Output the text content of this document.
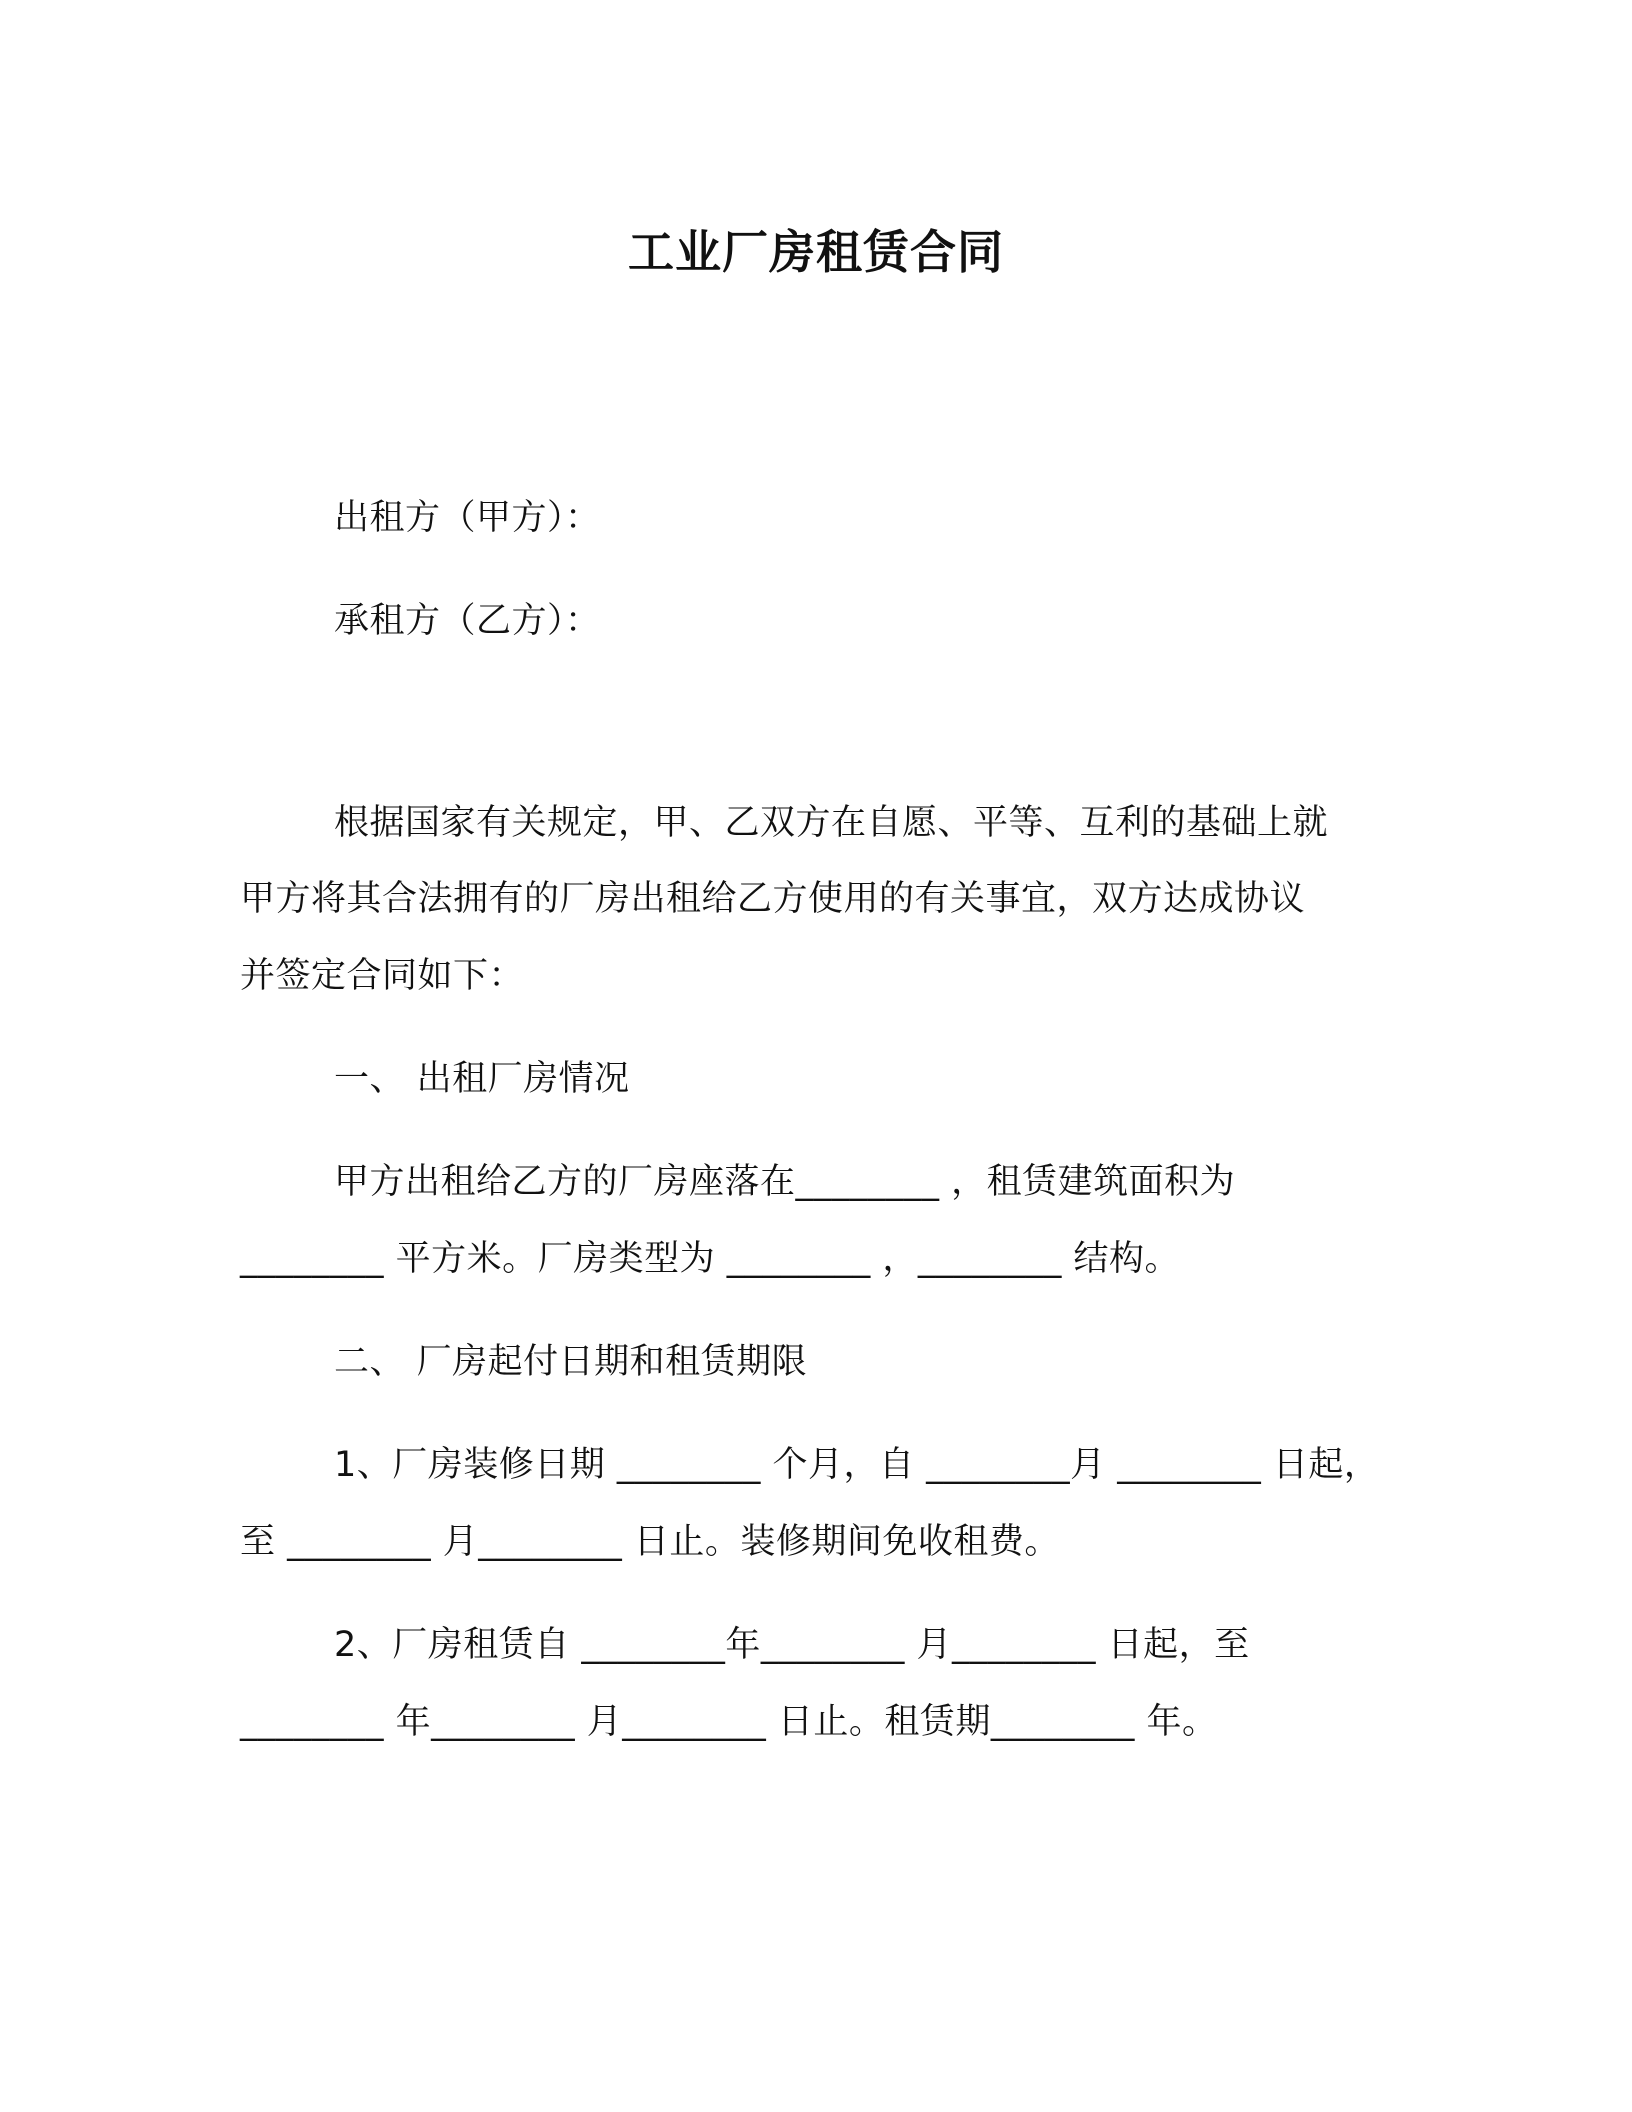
工业厂房租赁合同
出租方（甲方）：
承租方（乙方）：
根据国家有关规定，甲、乙双方在自愿、平等、互利的基础上就
甲方将其合法拥有的厂房出租给乙方使用的有关事宜，双方达成协议
并签定合同如下：
一、 出租厂房情况
甲方出租给乙方的厂房座落在________ ，租赁建筑面积为
________ 平方米。厂房类型为 ________ ，________ 结构。
二、 厂房起付日期和租赁期限
1、厂房装修日期 ________ 个月，自 ________月 ________ 日起，
至 ________ 月________ 日止。装修期间免收租费。
2、厂房租赁自 ________年________ 月________ 日起，至
________ 年________ 月________ 日止。租赁期________ 年。
